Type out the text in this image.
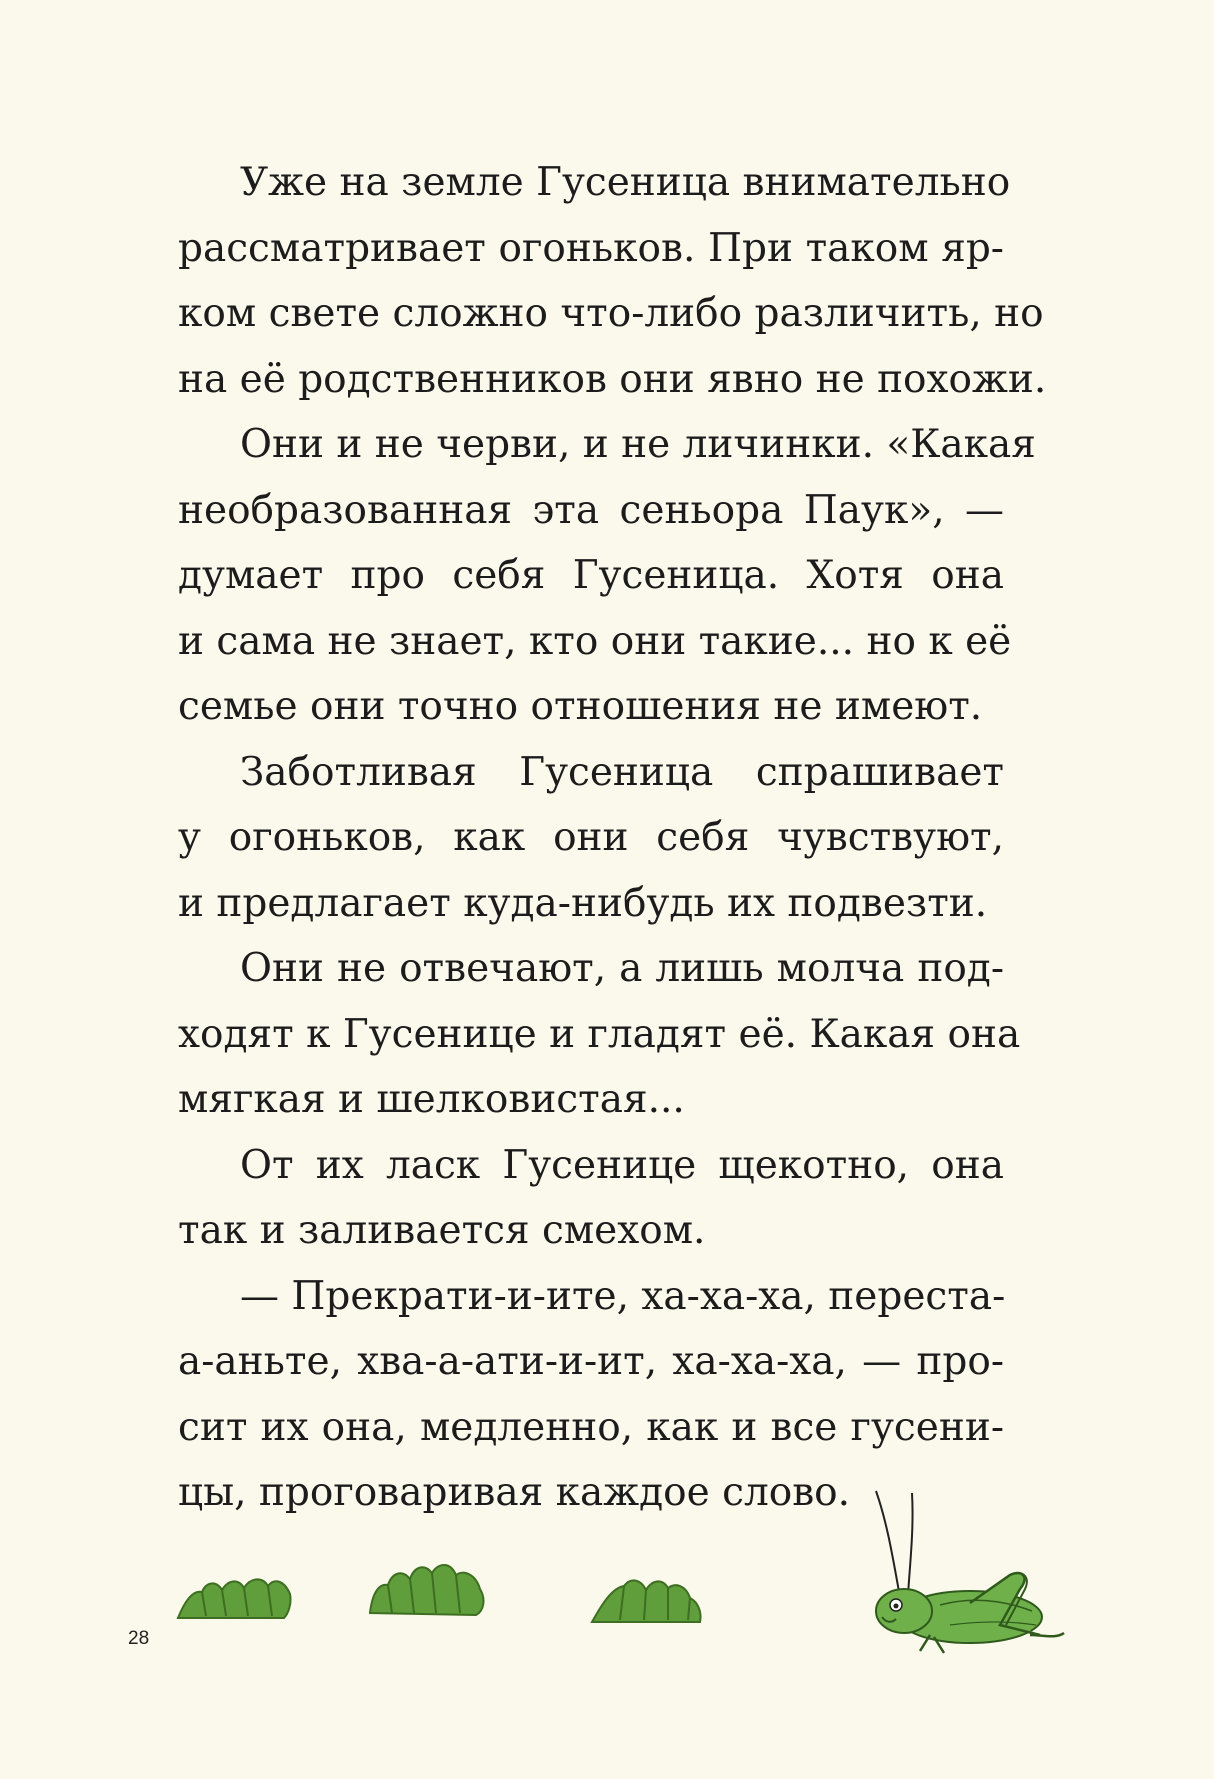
Уже на земле Гусеница внимательно
рассматривает огоньков. При таком яр-
ком свете сложно что-либо различить, но
на её родственников они явно не похожи.
Они и не черви, и не личинки. «Какая
необразованная эта сеньора Паук», —
думает про себя Гусеница. Хотя она
и сама не знает, кто они такие... но к её
семье они точно отношения не имеют.
Заботливая Гусеница спрашивает
у огоньков, как они себя чувствуют,
и предлагает куда-нибудь их подвезти.
Они не отвечают, а лишь молча под-
ходят к Гусенице и гладят её. Какая она
мягкая и шелковистая...
От их ласк Гусенице щекотно, она
так и заливается смехом.
— Прекрати-и-ите, ха-ха-ха, переста-
а-аньте, хва-а-ати-и-ит, ха-ха-ха, — про-
сит их она, медленно, как и все гусени-
цы, проговаривая каждое слово.
28
